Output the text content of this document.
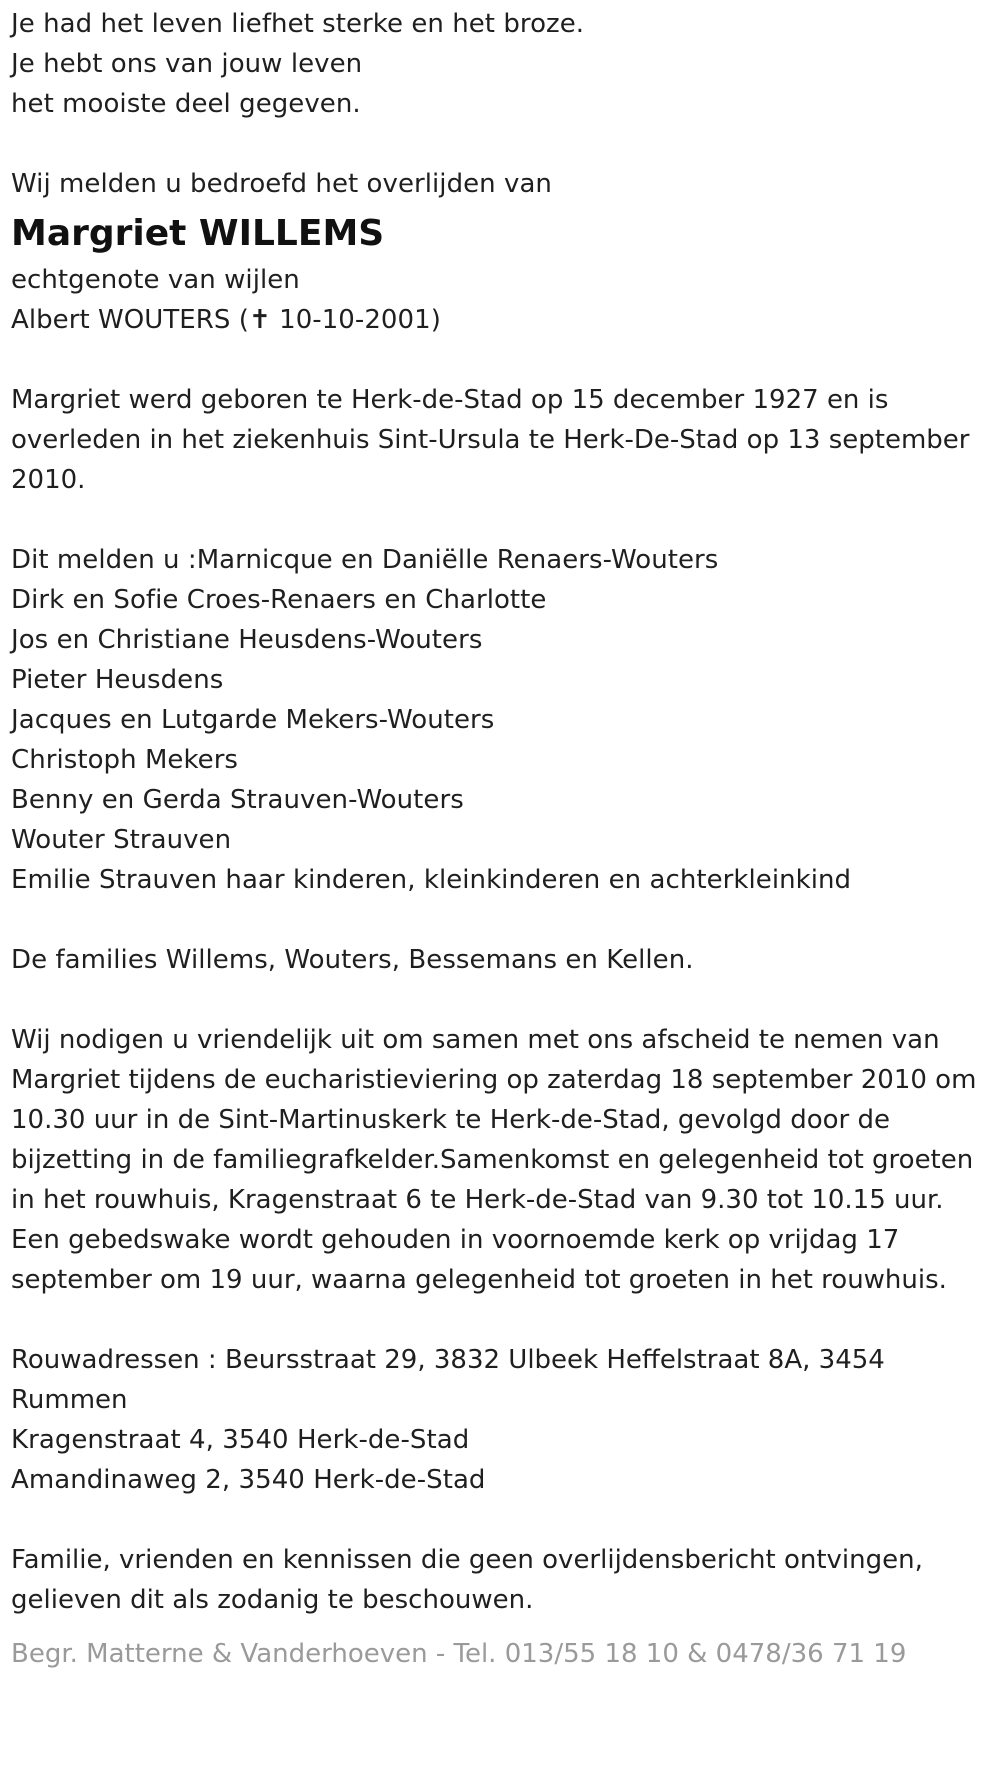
Je had het leven liefhet sterke en het broze.
Je hebt ons van jouw leven
het mooiste deel gegeven.
Wij melden u bedroefd het overlijden van
Margriet WILLEMS
echtgenote van wijlen
Albert WOUTERS (✝ 10-10-2001)
Margriet werd geboren te Herk-de-Stad op 15 december 1927 en is overleden in het ziekenhuis Sint-Ursula te Herk-De-Stad op 13 september 2010.
Dit melden u :Marnicque en Daniëlle Renaers-Wouters
Dirk en Sofie Croes-Renaers en Charlotte
Jos en Christiane Heusdens-Wouters
Pieter Heusdens
Jacques en Lutgarde Mekers-Wouters
Christoph Mekers
Benny en Gerda Strauven-Wouters
Wouter Strauven
Emilie Strauven haar kinderen, kleinkinderen en achterkleinkind
De families Willems, Wouters, Bessemans en Kellen.
Wij nodigen u vriendelijk uit om samen met ons afscheid te nemen van Margriet tijdens de eucharistieviering op zaterdag 18 september 2010 om 10.30 uur in de Sint-Martinuskerk te Herk-de-Stad, gevolgd door de bijzetting in de familiegrafkelder.Samenkomst en gelegenheid tot groeten in het rouwhuis, Kragenstraat 6 te Herk-de-Stad van 9.30 tot 10.15 uur.
Een gebedswake wordt gehouden in voornoemde kerk op vrijdag 17 september om 19 uur, waarna gelegenheid tot groeten in het rouwhuis.
Rouwadressen : Beursstraat 29, 3832 Ulbeek Heffelstraat 8A, 3454 Rummen
Kragenstraat 4, 3540 Herk-de-Stad
Amandinaweg 2, 3540 Herk-de-Stad
Familie, vrienden en kennissen die geen overlijdensbericht ontvingen, gelieven dit als zodanig te beschouwen.
Begr. Matterne & Vanderhoeven - Tel. 013/55 18 10 & 0478/36 71 19
